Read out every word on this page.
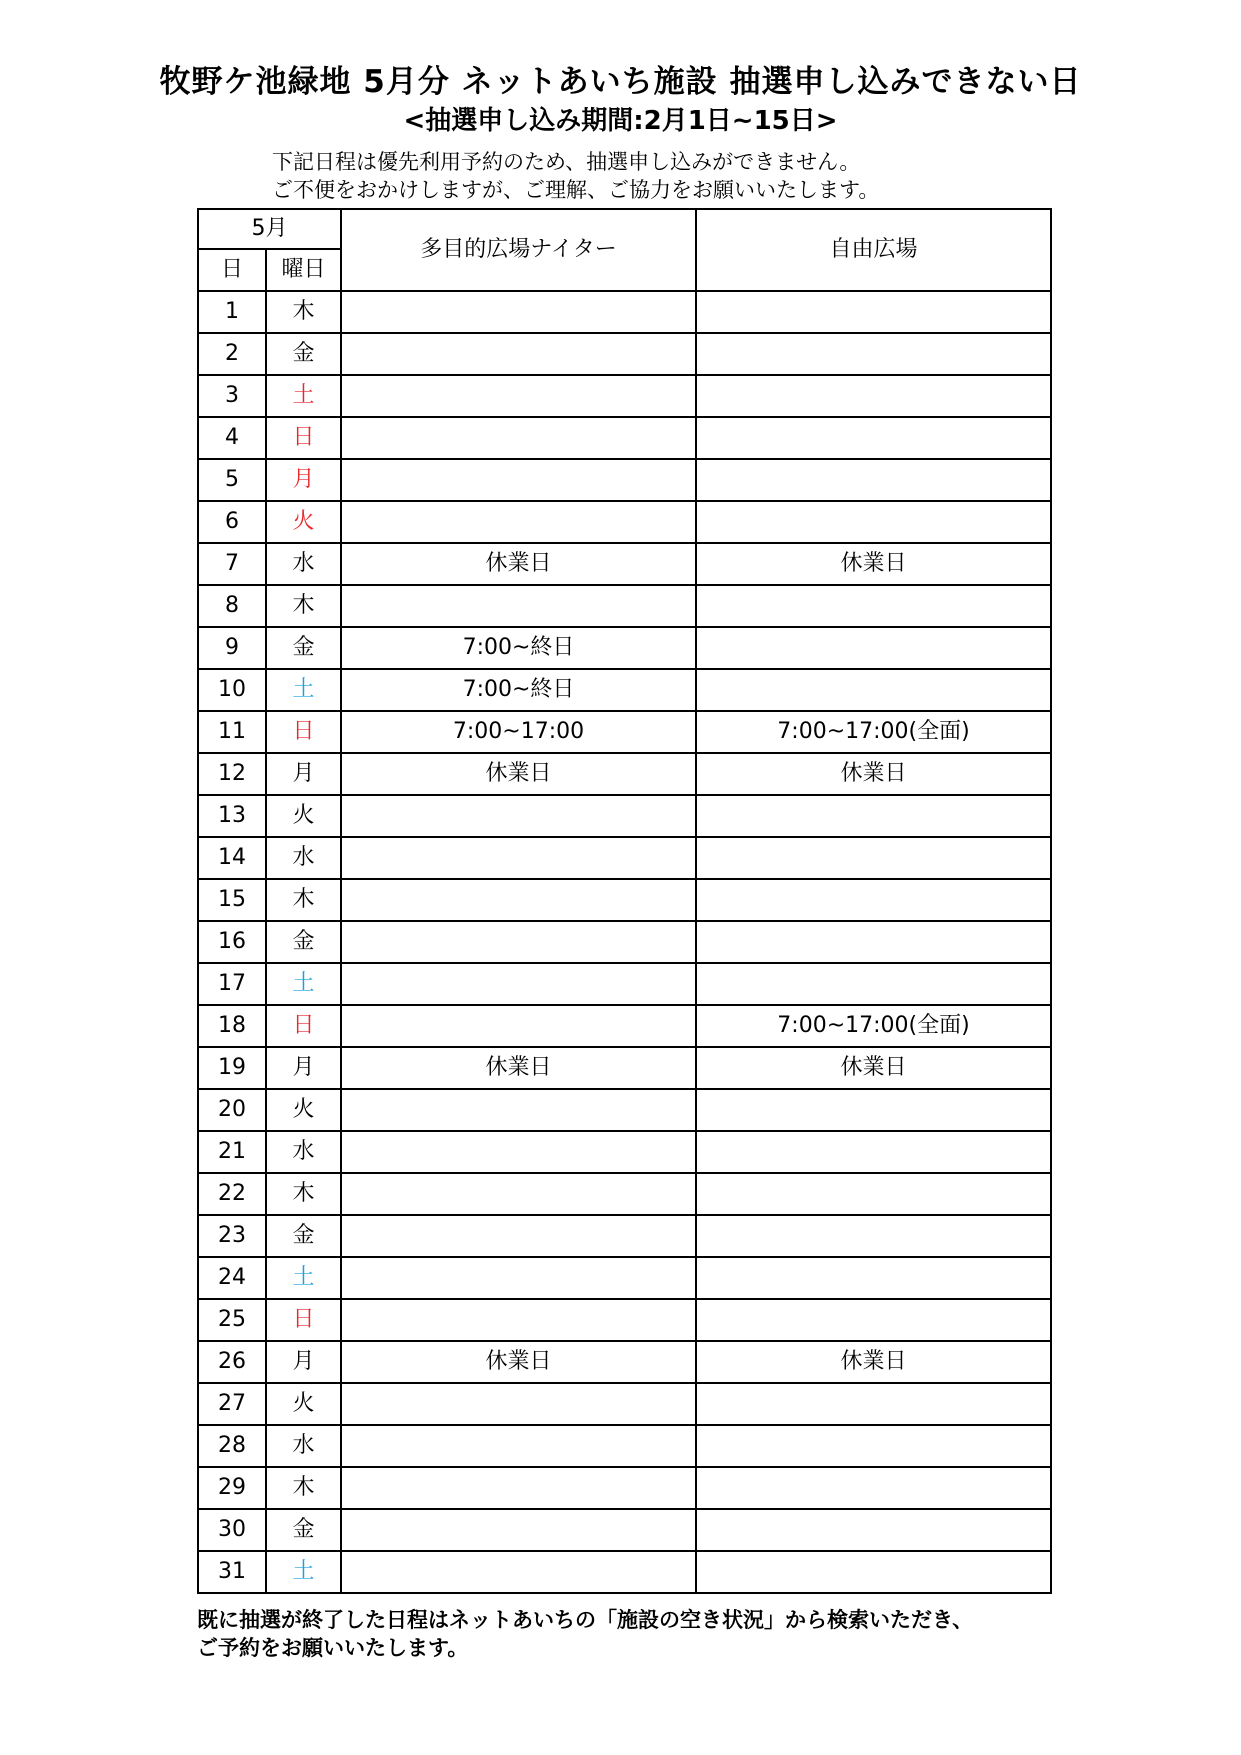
牧野ケ池緑地 5月分 ネットあいち施設 抽選申し込みできない日
<抽選申し込み期間:2月1日~15日>
下記日程は優先利用予約のため、抽選申し込みができません。
ご不便をおかけしますが、ご理解、ご協力をお願いいたします。
5月		多目的広場ナイター	自由広場
日	曜日		
1	木		
2	金		
3	土		
4	日		
5	月		
6	火		
7	水	休業日	休業日
8	木		
9	金	7:00~終日	
10	土	7:00~終日	
11	日	7:00~17:00	7:00~17:00(全面)
12	月	休業日	休業日
13	火		
14	水		
15	木		
16	金		
17	土		
18	日		7:00~17:00(全面)
19	月	休業日	休業日
20	火		
21	水		
22	木		
23	金		
24	土		
25	日		
26	月	休業日	休業日
27	火		
28	水		
29	木		
30	金		
31	土		
既に抽選が終了した日程はネットあいちの「施設の空き状況」から検索いただき、
ご予約をお願いいたします。
